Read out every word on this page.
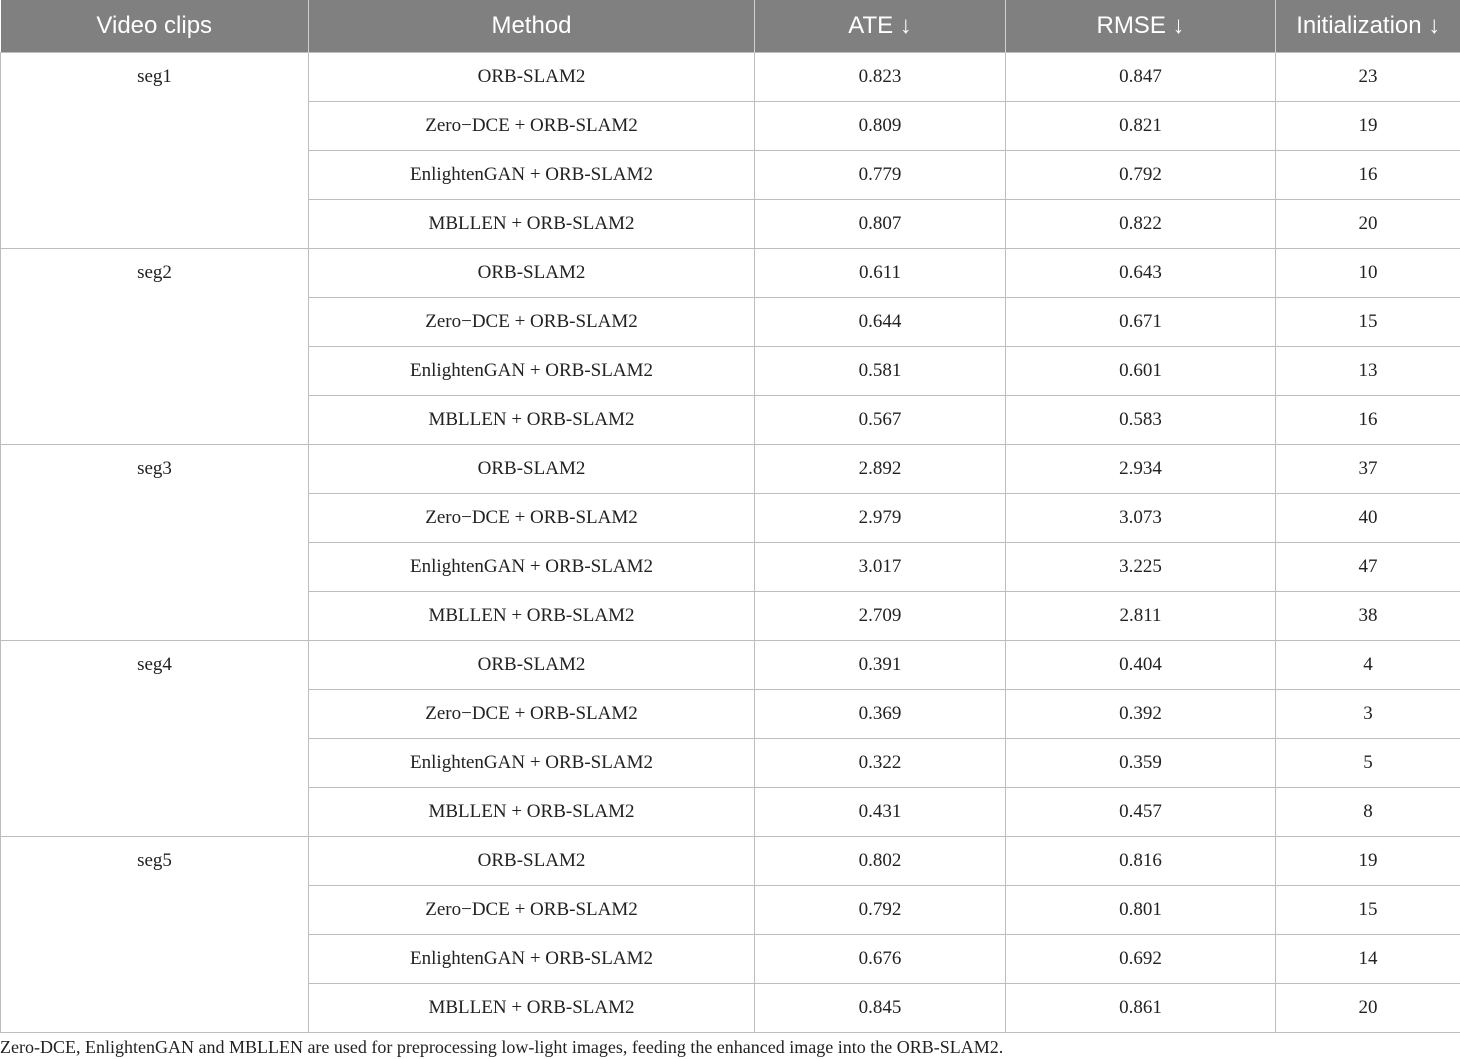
Video clips	Method	ATE ↓	RMSE ↓	Initialization ↓
seg1	ORB-SLAM2	0.823	0.847	23
	Zero−DCE + ORB-SLAM2	0.809	0.821	19
	EnlightenGAN + ORB-SLAM2	0.779	0.792	16
	MBLLEN + ORB-SLAM2	0.807	0.822	20
seg2	ORB-SLAM2	0.611	0.643	10
	Zero−DCE + ORB-SLAM2	0.644	0.671	15
	EnlightenGAN + ORB-SLAM2	0.581	0.601	13
	MBLLEN + ORB-SLAM2	0.567	0.583	16
seg3	ORB-SLAM2	2.892	2.934	37
	Zero−DCE + ORB-SLAM2	2.979	3.073	40
	EnlightenGAN + ORB-SLAM2	3.017	3.225	47
	MBLLEN + ORB-SLAM2	2.709	2.811	38
seg4	ORB-SLAM2	0.391	0.404	4
	Zero−DCE + ORB-SLAM2	0.369	0.392	3
	EnlightenGAN + ORB-SLAM2	0.322	0.359	5
	MBLLEN + ORB-SLAM2	0.431	0.457	8
seg5	ORB-SLAM2	0.802	0.816	19
	Zero−DCE + ORB-SLAM2	0.792	0.801	15
	EnlightenGAN + ORB-SLAM2	0.676	0.692	14
	MBLLEN + ORB-SLAM2	0.845	0.861	20
Zero-DCE, EnlightenGAN and MBLLEN are used for preprocessing low-light images, feeding the enhanced image into the ORB-SLAM2.
